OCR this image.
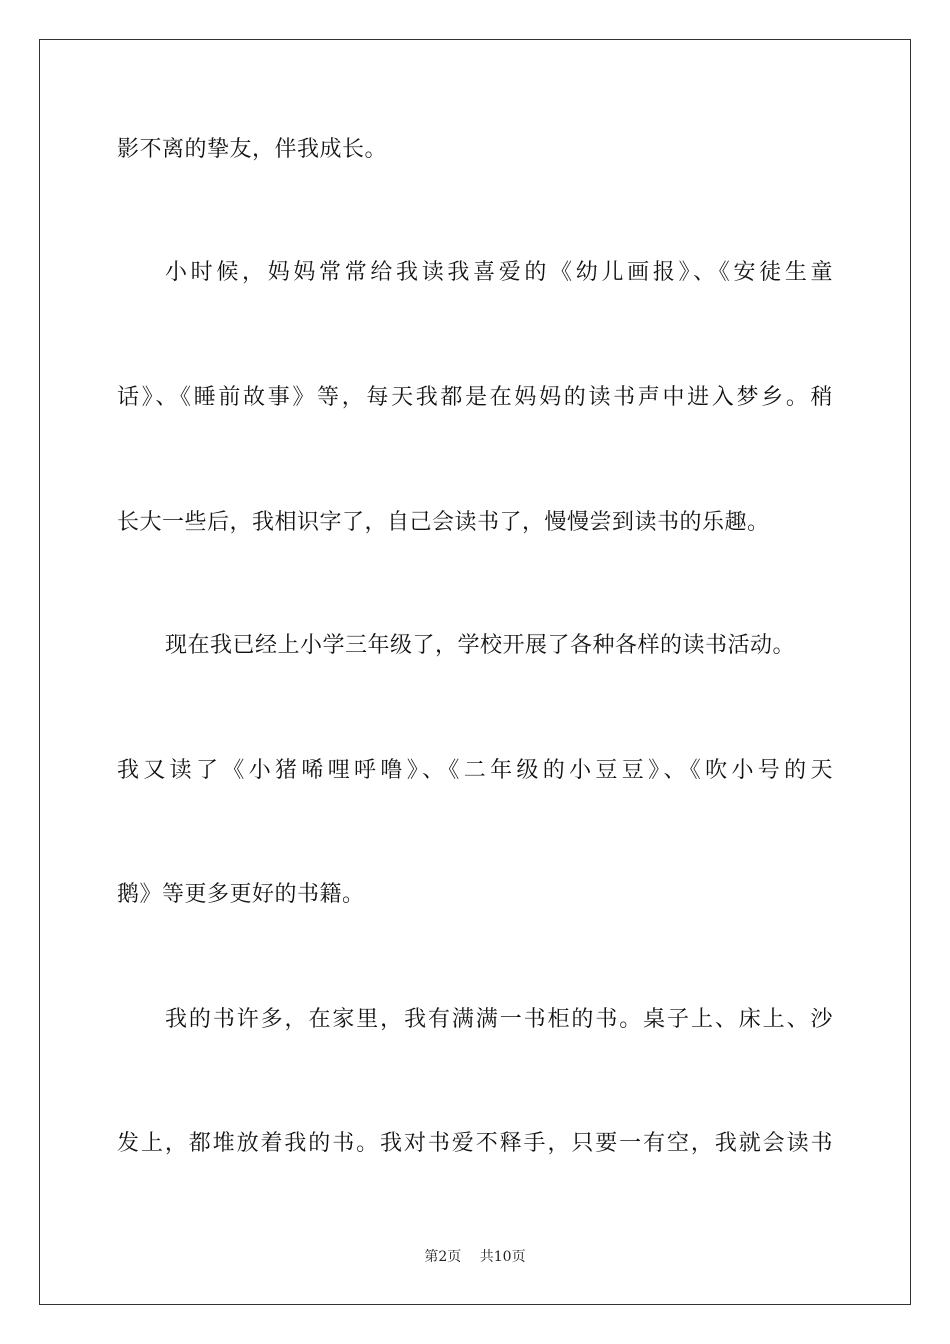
影不离的挚友，伴我成长。
小时候，妈妈常常给我读我喜爱的《幼儿画报》、《安徒生童
话》、《睡前故事》等，每天我都是在妈妈的读书声中进入梦乡。稍
长大一些后，我相识字了，自己会读书了，慢慢尝到读书的乐趣。
现在我已经上小学三年级了，学校开展了各种各样的读书活动。
我又读了《小猪唏哩呼噜》、《二年级的小豆豆》、《吹小号的天
鹅》等更多更好的书籍。
我的书许多，在家里，我有满满一书柜的书。桌子上、床上、沙
发上，都堆放着我的书。我对书爱不释手，只要一有空，我就会读书
第2页 共10页
